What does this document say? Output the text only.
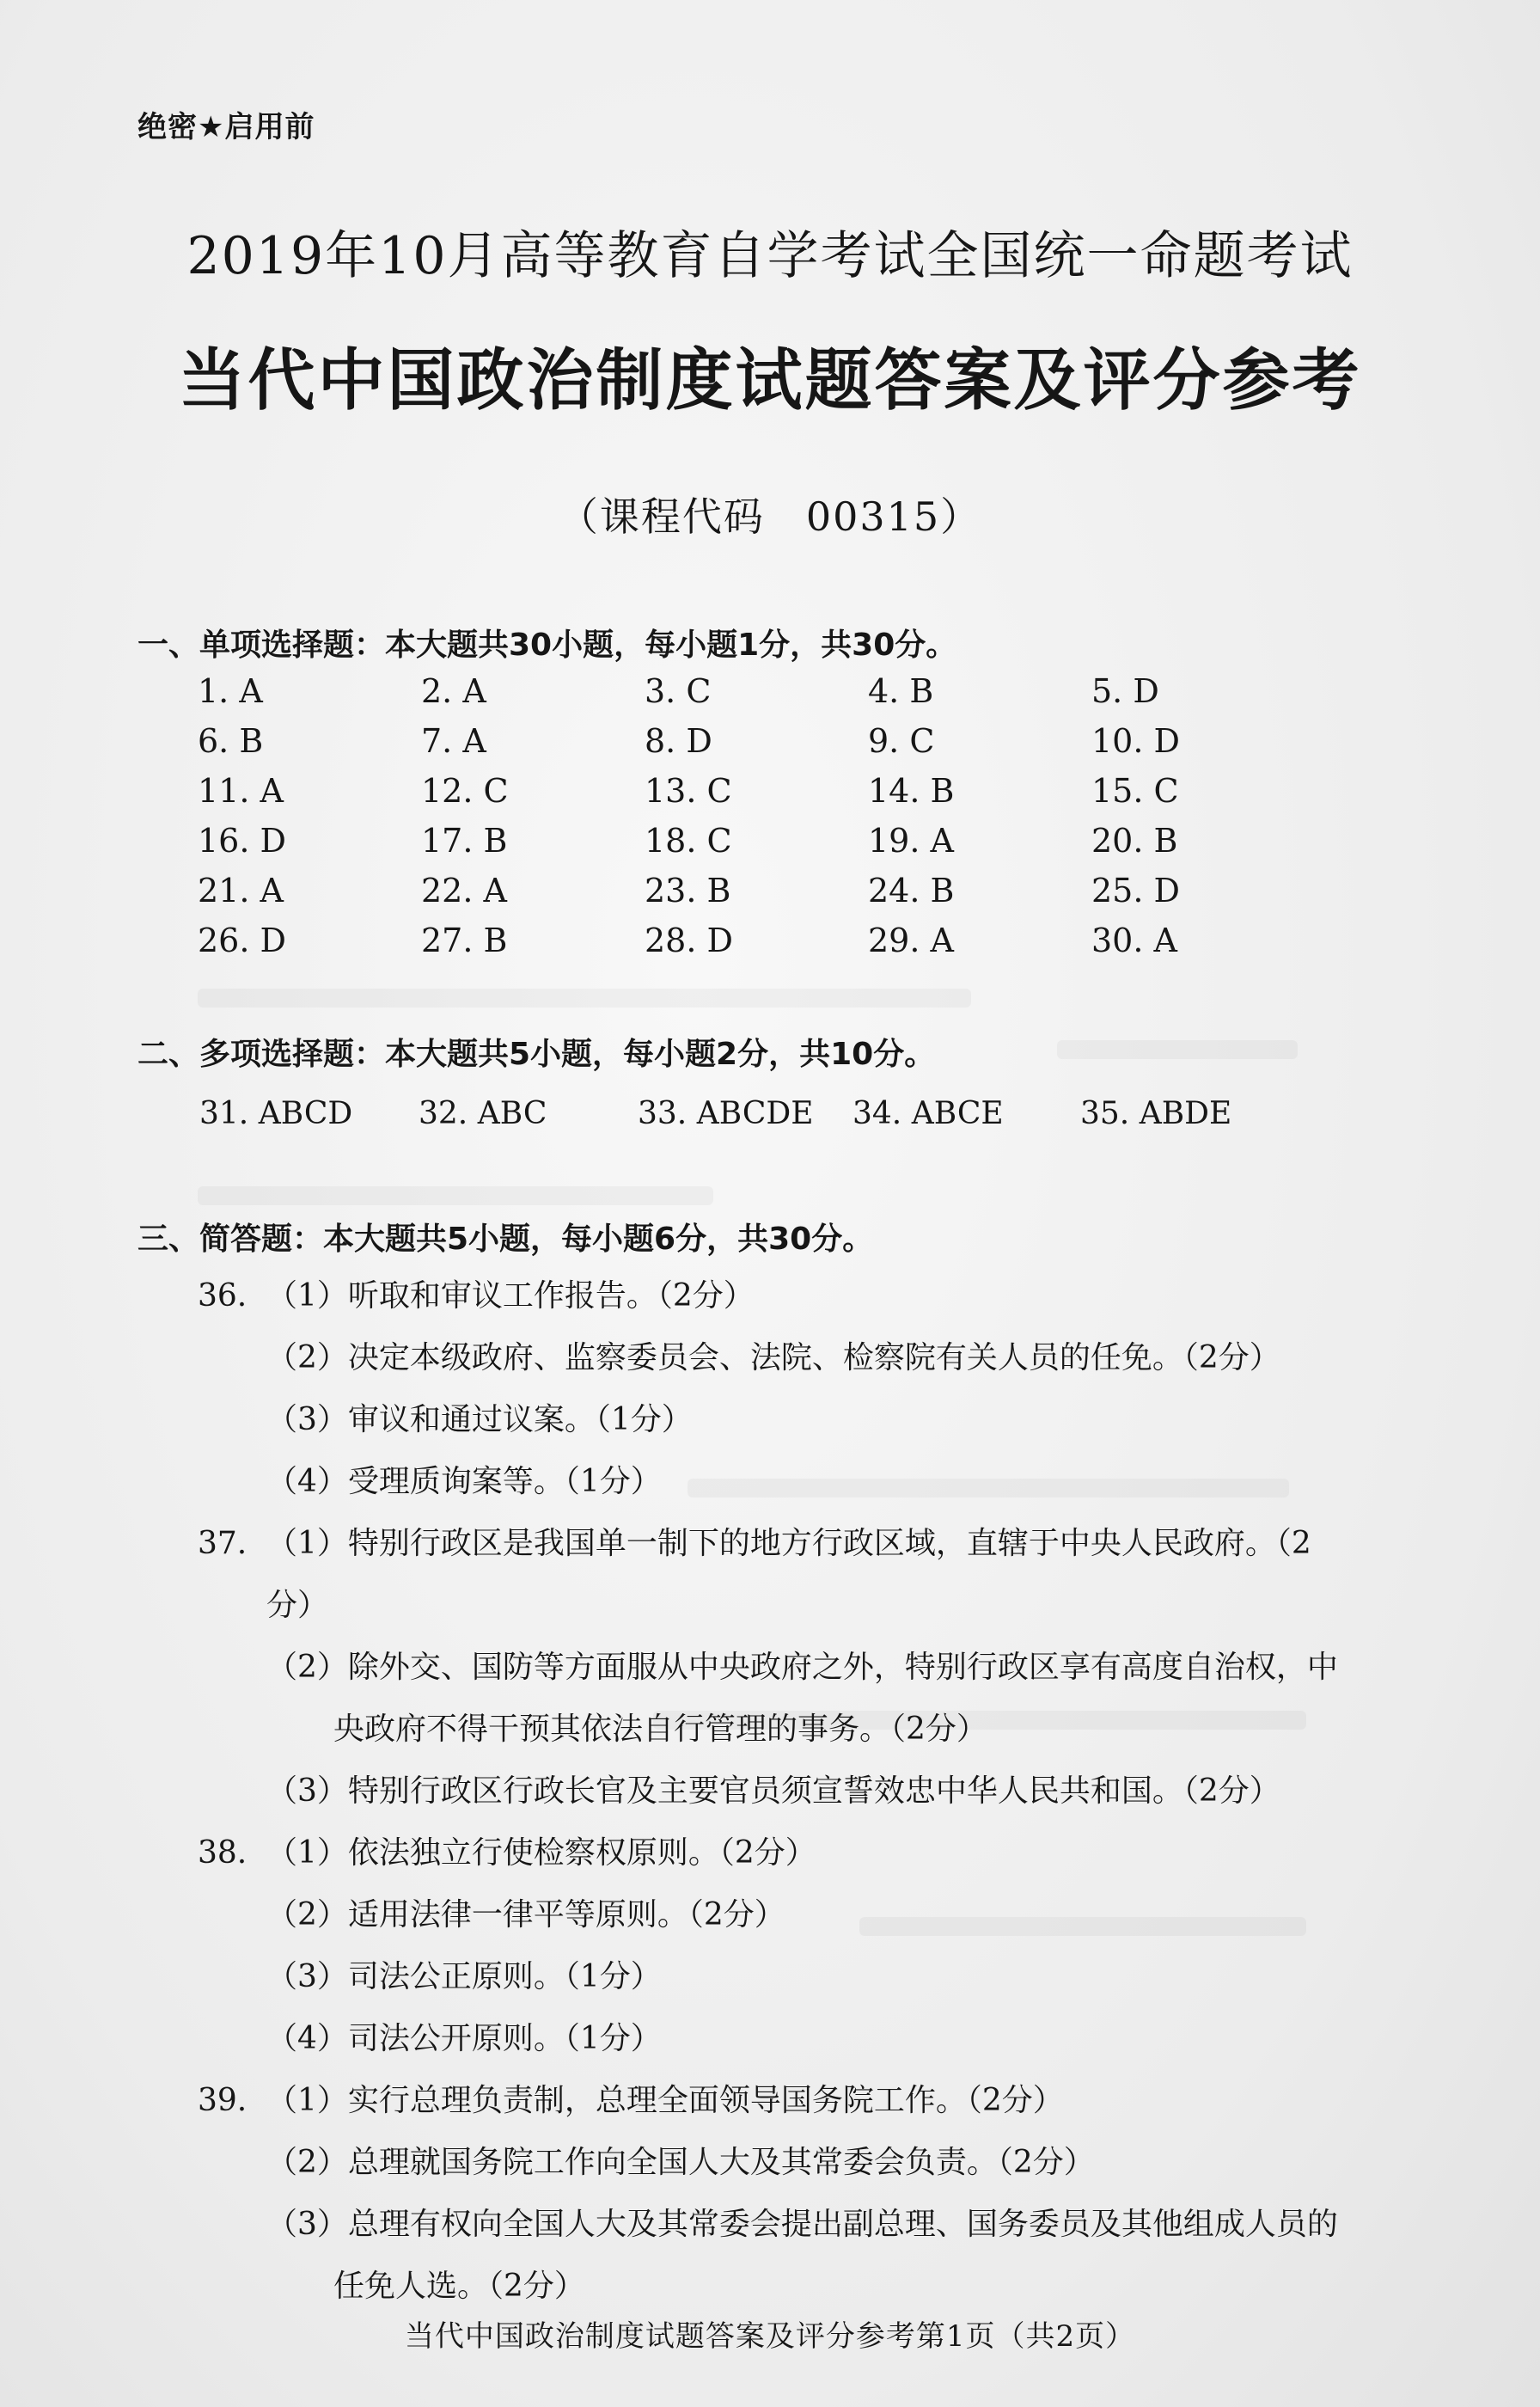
绝密★启用前
2019年10月高等教育自学考试全国统一命题考试
当代中国政治制度试题答案及评分参考
（课程代码　00315）
一、单项选择题：本大题共30小题，每小题1分，共30分。
1. A	2. A	3. C	4. B	5. D
6. B	7. A	8. D	9. C	10. D
11. A	12. C	13. C	14. B	15. C
16. D	17. B	18. C	19. A	20. B
21. A	22. A	23. B	24. B	25. D
26. D	27. B	28. D	29. A	30. A
二、多项选择题：本大题共5小题，每小题2分，共10分。
31. ABCD	32. ABC	33. ABCDE	34. ABCE	35. ABDE
三、简答题：本大题共5小题，每小题6分，共30分。
36. （1）听取和审议工作报告。（2分）
（2）决定本级政府、监察委员会、法院、检察院有关人员的任免。（2分）
（3）审议和通过议案。（1分）
（4）受理质询案等。（1分）
37. （1）特别行政区是我国单一制下的地方行政区域，直辖于中央人民政府。（2分）
（2）除外交、国防等方面服从中央政府之外，特别行政区享有高度自治权，中
央政府不得干预其依法自行管理的事务。（2分）
（3）特别行政区行政长官及主要官员须宣誓效忠中华人民共和国。（2分）
38. （1）依法独立行使检察权原则。（2分）
（2）适用法律一律平等原则。（2分）
（3）司法公正原则。（1分）
（4）司法公开原则。（1分）
39. （1）实行总理负责制，总理全面领导国务院工作。（2分）
（2）总理就国务院工作向全国人大及其常委会负责。（2分）
（3）总理有权向全国人大及其常委会提出副总理、国务委员及其他组成人员的
任免人选。（2分）
当代中国政治制度试题答案及评分参考第1页（共2页）
